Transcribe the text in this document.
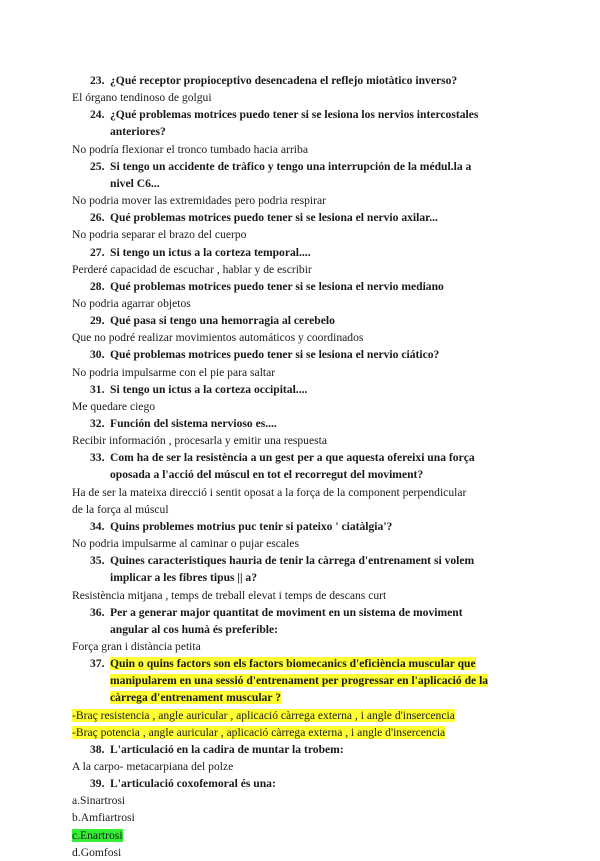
23. ¿Qué receptor propioceptivo desencadena el reflejo miotàtico inverso?
El órgano tendinoso de golgui
24. ¿Qué problemas motrices puedo tener si se lesiona los nervios intercostales
anteriores?
No podría flexionar el tronco tumbado hacia arriba
25. Si tengo un accidente de tràfico y tengo una interrupción de la médul.la a
nivel C6...
No podria mover las extremidades pero podria respirar
26. Qué problemas motrices puedo tener si se lesiona el nervio axilar...
No podria separar el brazo del cuerpo
27. Si tengo un ictus a la corteza temporal....
Perderé capacidad de escuchar , hablar y de escribir
28. Qué problemas motrices puedo tener si se lesiona el nervio mediano
No podria agarrar objetos
29. Qué pasa si tengo una hemorragia al cerebelo
Que no podré realizar movimientos automáticos y coordinados
30. Qué problemas motrices puedo tener si se lesiona el nervio ciático?
No podria impulsarme con el pie para saltar
31. Si tengo un ictus a la corteza occipital....
Me quedare ciego
32. Función del sistema nervioso es....
Recibir información , procesarla y emitir una respuesta
33. Com ha de ser la resistència a un gest per a que aquesta ofereixi una força
oposada a l'acció del múscul en tot el recorregut del moviment?
Ha de ser la mateixa direcció i sentit oposat a la força de la component perpendicular
de la força al múscul
34. Quins problemes motrius puc tenir si pateixo ' ciatàlgia'?
No podria impulsarme al caminar o pujar escales
35. Quines caracteristiques hauria de tenir la càrrega d'entrenament si volem
implicar a les fibres tipus || a?
Resistència mitjana , temps de treball elevat i temps de descans curt
36. Per a generar major quantitat de moviment en un sistema de moviment
angular al cos humà és preferible:
Força gran i distància petita
37. Quin o quins factors son els factors biomecanics d'eficiència muscular que
manipularem en una sessió d'entrenament per progressar en l'aplicació de la
càrrega d'entrenament muscular ?
-Braç resistencia , angle auricular , aplicació càrrega externa , i angle d'insercencia
-Braç potencia , angle auricular , aplicació càrrega externa , i angle d'insercencia
38. L'articulació en la cadira de muntar la trobem:
A la carpo- metacarpiana del polze
39. L'articulació coxofemoral és una:
a.Sinartrosi
b.Amfiartrosi
c.Enartrosi
d.Gomfosi
